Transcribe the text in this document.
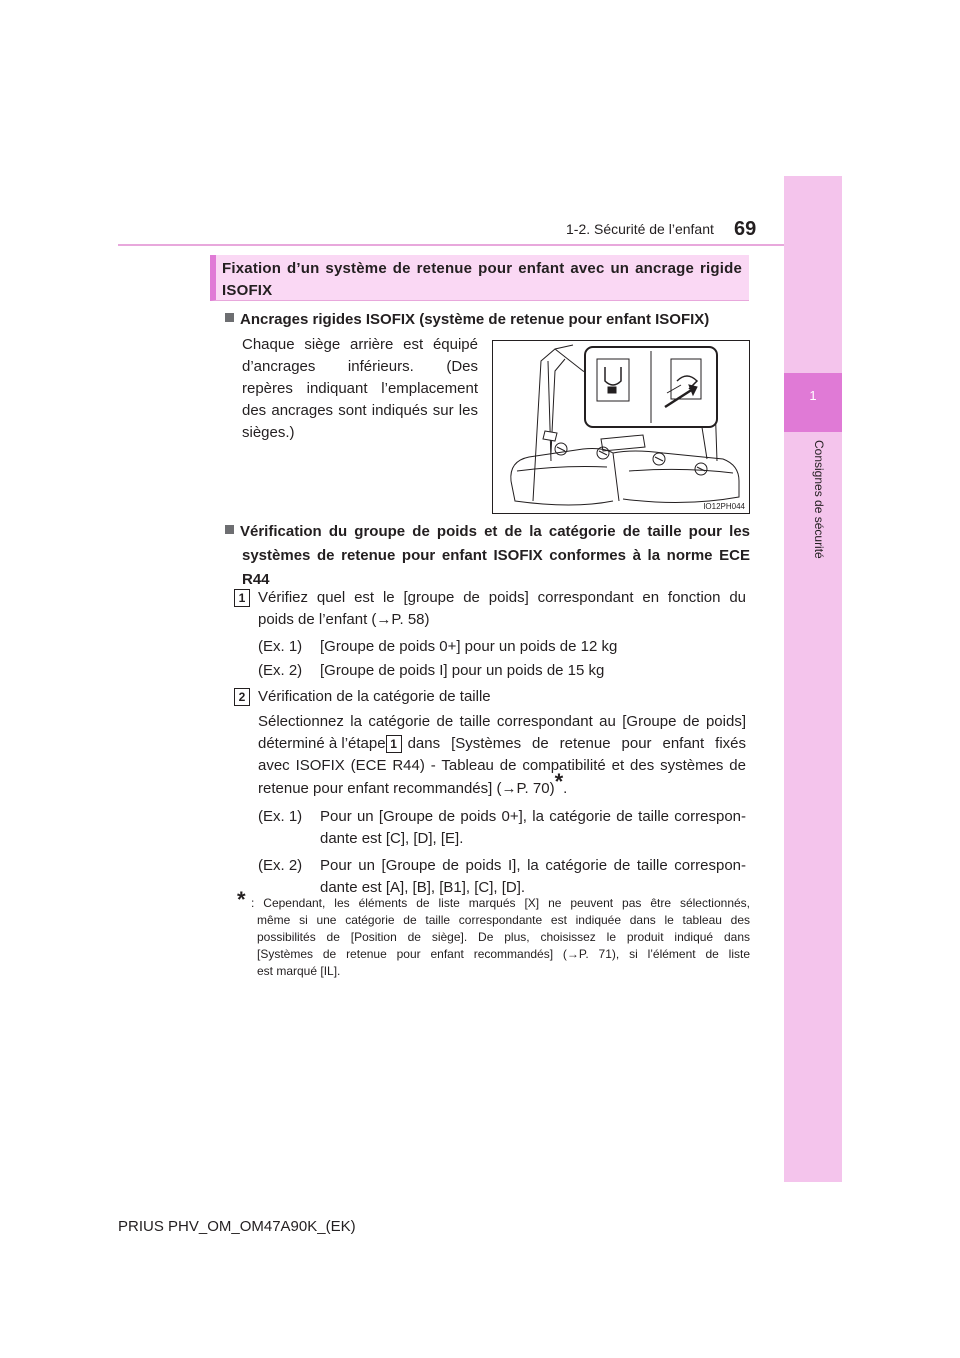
1-2. Sécurité de l’enfant 69
1
Consignes de sécurité
Fixation d’un système de retenue pour enfant avec un ancrage rigide
ISOFIX
Ancrages rigides ISOFIX (système de retenue pour enfant ISOFIX)
Chaque siège arrière est équipé
d’ancrages inférieurs. (Des
repères indiquant l’emplacement
des ancrages sont indiqués sur les
sièges.)
IO12PH044
Vérification du groupe de poids et de la catégorie de taille pour les
systèmes de retenue pour enfant ISOFIX conformes à la norme ECE
R44
1 Vérifiez quel est le [groupe de poids] correspondant en fonction du
poids de l’enfant (→P. 58)
(Ex. 1) [Groupe de poids 0+] pour un poids de 12 kg
(Ex. 2) [Groupe de poids I] pour un poids de 15 kg
2 Vérification de la catégorie de taille
Sélectionnez la catégorie de taille correspondant au [Groupe de poids]
déterminé à l’étape 1 dans [Systèmes de retenue pour enfant fixés
avec ISOFIX (ECE R44) - Tableau de compatibilité et des systèmes de
retenue pour enfant recommandés] (→P. 70)*.
(Ex. 1) Pour un [Groupe de poids 0+], la catégorie de taille correspon-
dante est [C], [D], [E].
(Ex. 2) Pour un [Groupe de poids I], la catégorie de taille correspon-
dante est [A], [B], [B1], [C], [D].
* : Cependant, les éléments de liste marqués [X] ne peuvent pas être sélectionnés,
même si une catégorie de taille correspondante est indiquée dans le tableau des
possibilités de [Position de siège]. De plus, choisissez le produit indiqué dans
[Systèmes de retenue pour enfant recommandés] (→P. 71), si l’élément de liste
est marqué [IL].
PRIUS PHV_OM_OM47A90K_(EK)
